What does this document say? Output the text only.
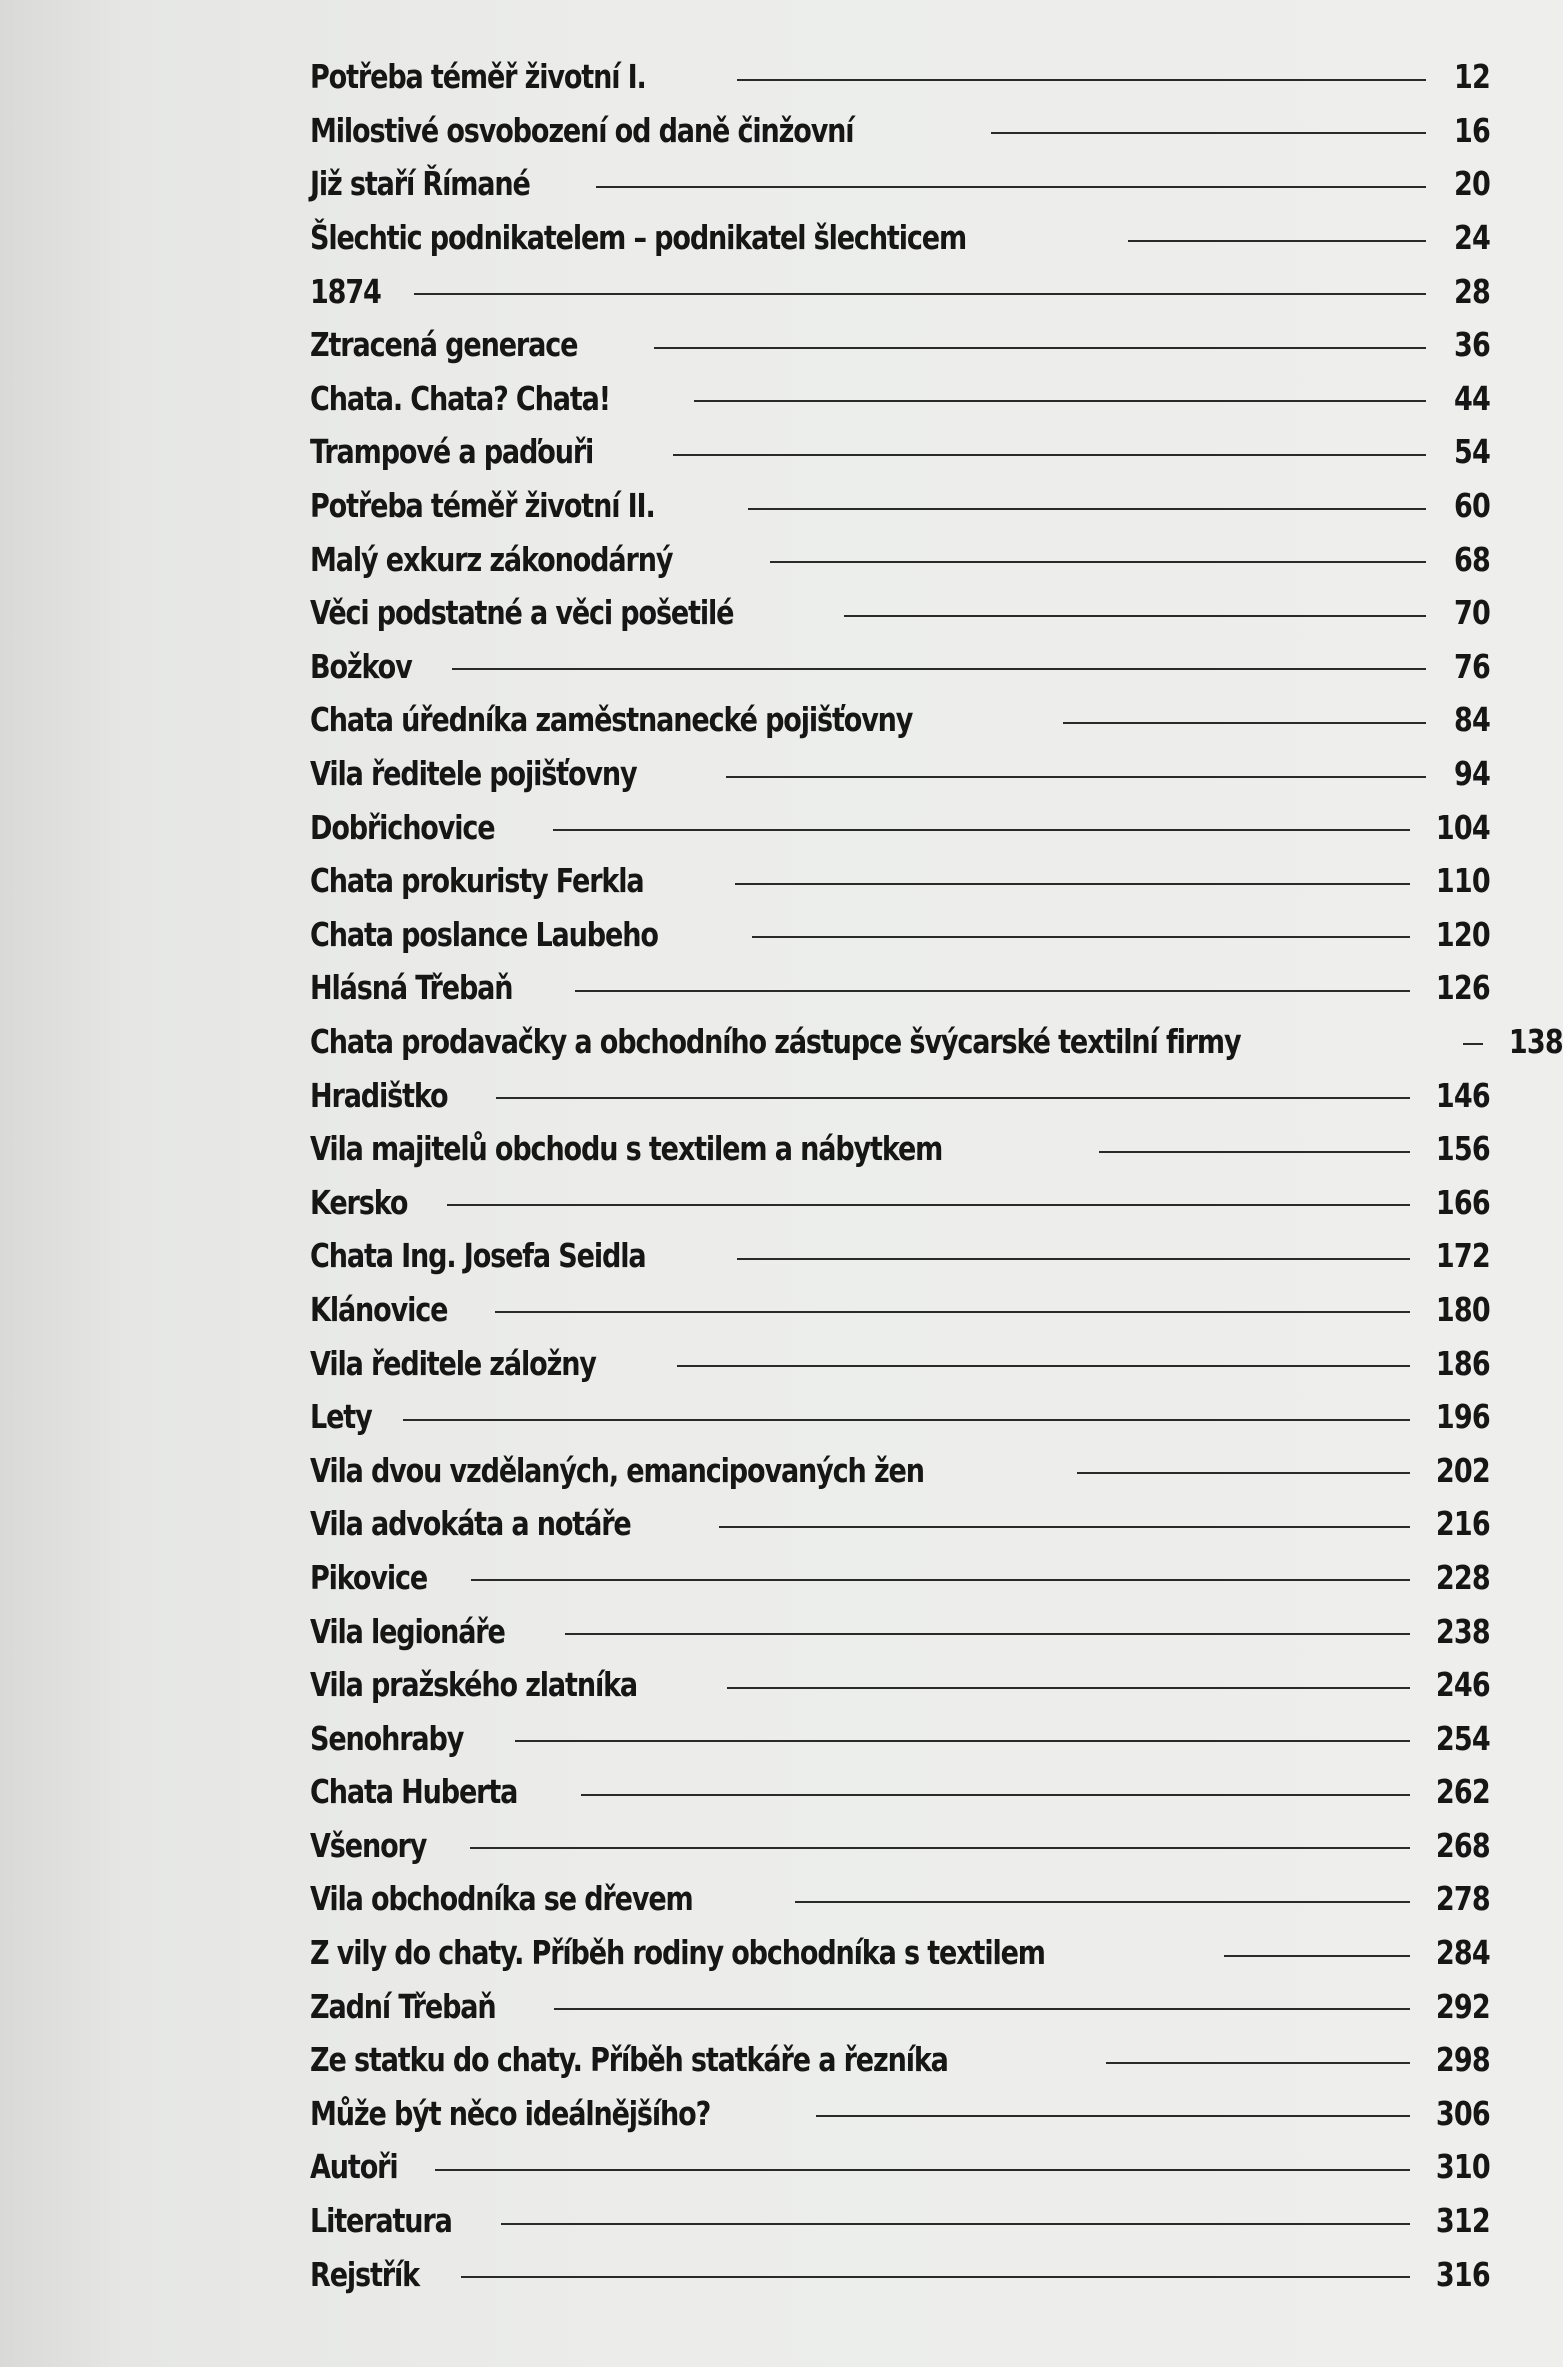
Potřeba téměř životní I.	12
Milostivé osvobození od daně činžovní	16
Již staří Římané	20
Šlechtic podnikatelem – podnikatel šlechticem	24
1874	28
Ztracená generace	36
Chata. Chata? Chata!	44
Trampové a paďouři	54
Potřeba téměř životní II.	60
Malý exkurz zákonodárný	68
Věci podstatné a věci pošetilé	70
Božkov	76
Chata úředníka zaměstnanecké pojišťovny	84
Vila ředitele pojišťovny	94
Dobřichovice	104
Chata prokuristy Ferkla	110
Chata poslance Laubeho	120
Hlásná Třebaň	126
Chata prodavačky a obchodního zástupce švýcarské textilní firmy	138
Hradištko	146
Vila majitelů obchodu s textilem a nábytkem	156
Kersko	166
Chata Ing. Josefa Seidla	172
Klánovice	180
Vila ředitele záložny	186
Lety	196
Vila dvou vzdělaných, emancipovaných žen	202
Vila advokáta a notáře	216
Pikovice	228
Vila legionáře	238
Vila pražského zlatníka	246
Senohraby	254
Chata Huberta	262
Všenory	268
Vila obchodníka se dřevem	278
Z vily do chaty. Příběh rodiny obchodníka s textilem	284
Zadní Třebaň	292
Ze statku do chaty. Příběh statkáře a řezníka	298
Může být něco ideálnějšího?	306
Autoři	310
Literatura	312
Rejstřík	316
